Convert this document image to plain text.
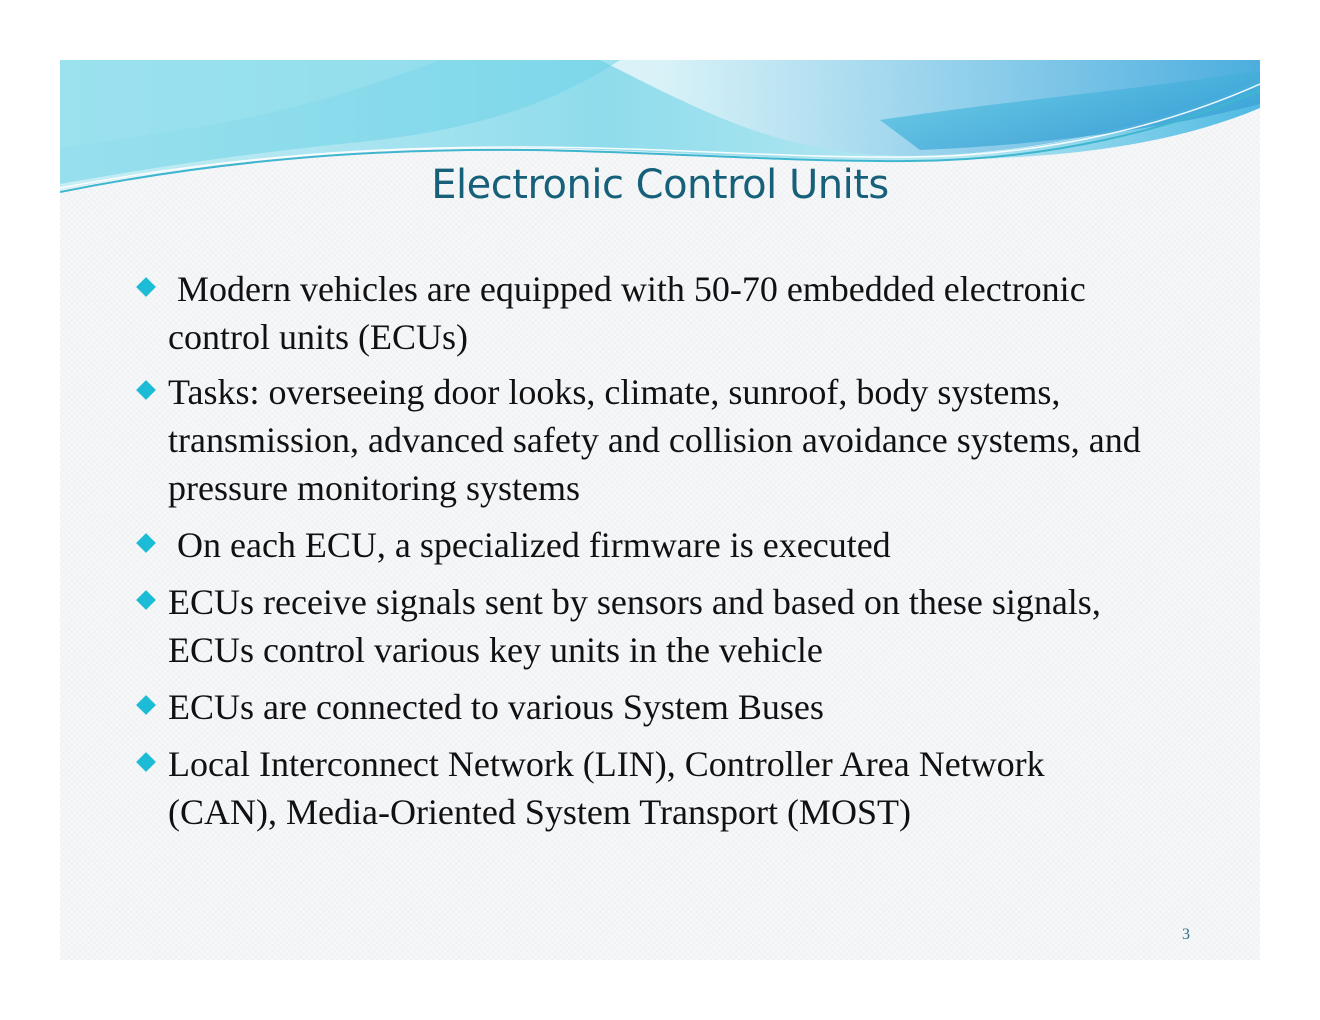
Electronic Control Units
Modern vehicles are equipped with 50-70 embedded electronic control units (ECUs)
Tasks: overseeing door looks, climate, sunroof, body systems, transmission, advanced safety and collision avoidance systems, and pressure monitoring systems
On each ECU, a specialized firmware is executed
ECUs receive signals sent by sensors and based on these signals, ECUs control various key units in the vehicle
ECUs are connected to various System Buses
Local Interconnect Network (LIN), Controller Area Network (CAN), Media-Oriented System Transport (MOST)
3
